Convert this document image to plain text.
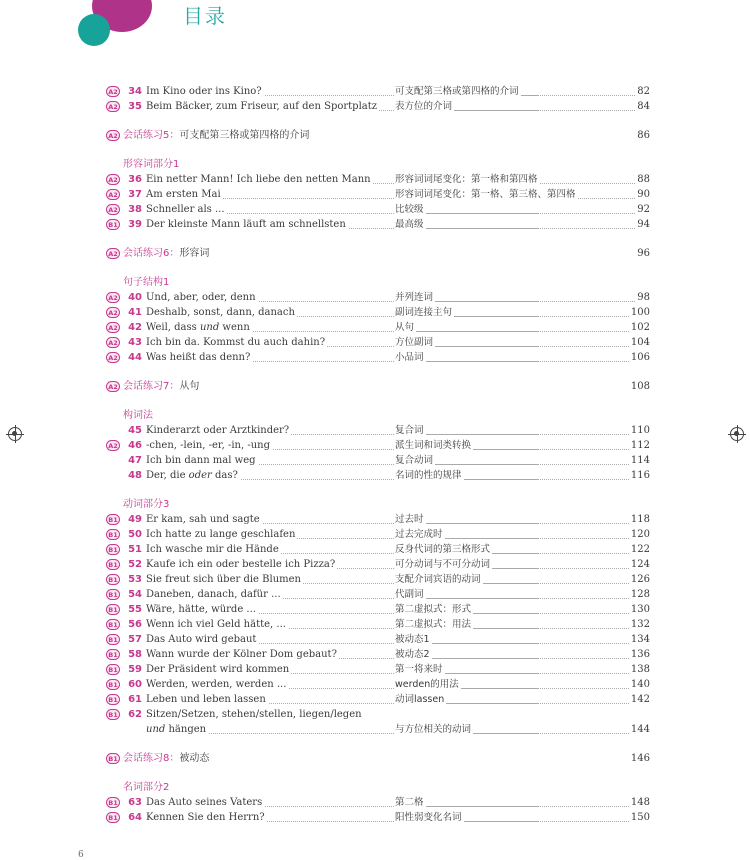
目录
A2	34 Im Kino oder ins Kino?	可支配第三格或第四格的介词	82
A2	35 Beim Bäcker, zum Friseur, auf den Sportplatz 表方位的介词	84
A2 会话练习5：可支配第三格或第四格的介词	86
形容词部分1
A2	36 Ein netter Mann! Ich liebe den netten Mann	形容词词尾变化：第一格和第四格	88
A2	37 Am ersten Mai	形容词词尾变化：第一格、第三格、第四格	90
A2	38 Schneller als ...	比较级	92
B1	39 Der kleinste Mann läuft am schnellsten	最高级	94
A2 会话练习6：形容词	96
句子结构1
A2	40 Und, aber, oder, denn	并列连词	98
A2	41 Deshalb, sonst, dann, danach	副词连接主句	100
A2	42 Weil, dass und wenn	从句	102
A2	43 Ich bin da. Kommst du auch dahin?	方位副词	104
A2	44 Was heißt das denn?	小品词	106
A2 会话练习7：从句	108
构词法
45 Kinderarzt oder Arztkinder?	复合词	110
A2	46 -chen, -lein, -er, -in, -ung	派生词和词类转换	112
47 Ich bin dann mal weg	复合动词	114
48 Der, die oder das?	名词的性的规律	116
动词部分3
B1	49 Er kam, sah und sagte	过去时	118
B1	50 Ich hatte zu lange geschlafen	过去完成时	120
B1	51 Ich wasche mir die Hände	反身代词的第三格形式	122
B1	52 Kaufe ich ein oder bestelle ich Pizza?	可分动词与不可分动词	124
B1	53 Sie freut sich über die Blumen	支配介词宾语的动词	126
B1	54 Daneben, danach, dafür ...	代副词	128
B1	55 Wäre, hätte, würde ...	第二虚拟式：形式	130
B1	56 Wenn ich viel Geld hätte, ...	第二虚拟式：用法	132
B1	57 Das Auto wird gebaut	被动态1	134
B1	58 Wann wurde der Kölner Dom gebaut?	被动态2	136
B1	59 Der Präsident wird kommen	第一将来时	138
B1	60 Werden, werden, werden ...	werden的用法	140
B1	61 Leben und leben lassen	动词lassen	142
B1	62 Sitzen/Setzen, stehen/stellen, liegen/legen
und hängen	与方位相关的动词	144
B1 会话练习8：被动态	146
名词部分2
B1	63 Das Auto seines Vaters	第二格	148
B1	64 Kennen Sie den Herrn?	阳性弱变化名词	150
6
